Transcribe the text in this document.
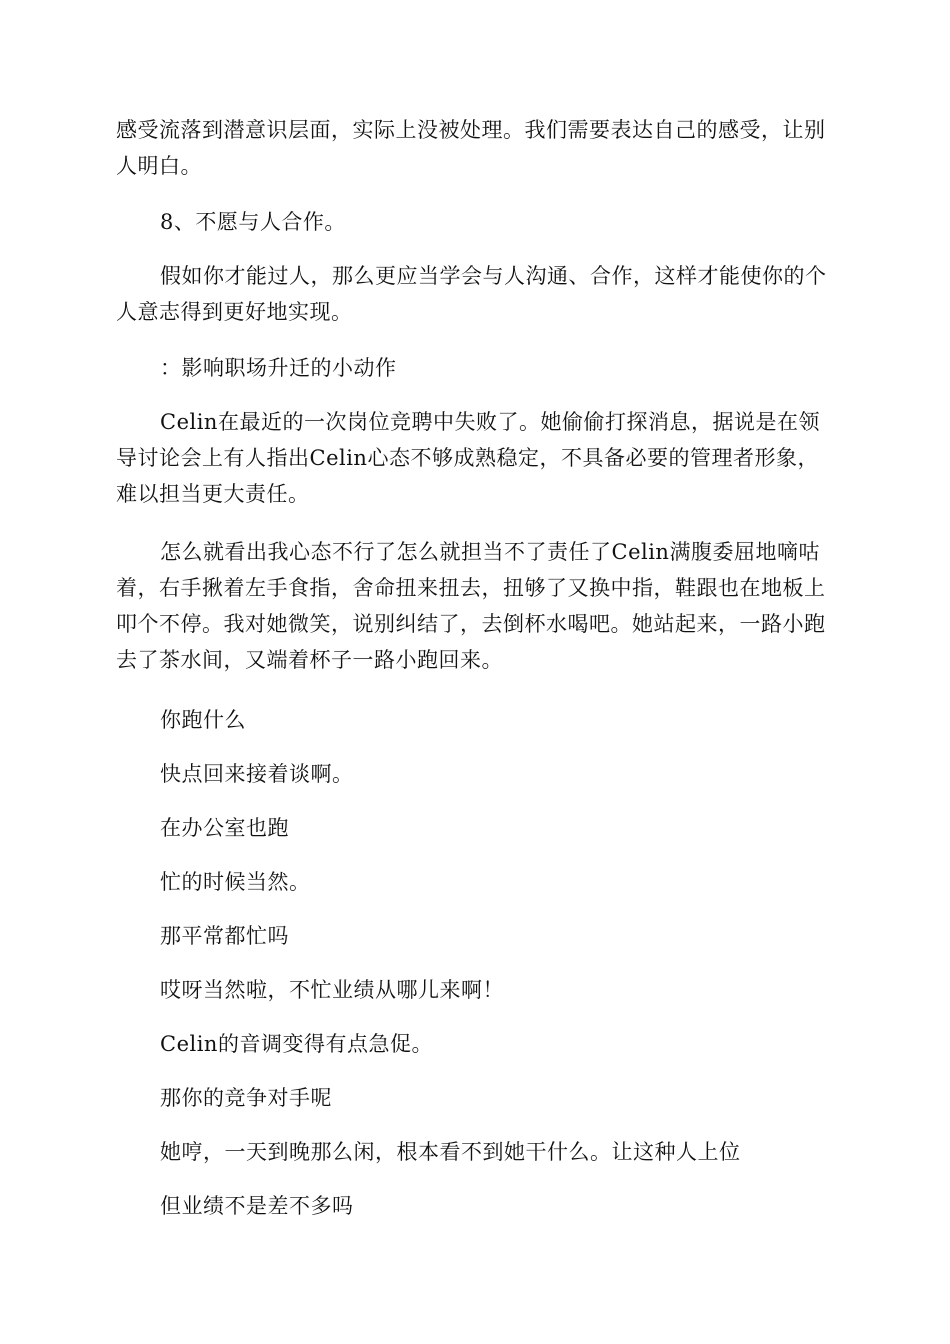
感受流落到潜意识层面，实际上没被处理。我们需要表达自己的感受，让别人明白。

8、不愿与人合作。

假如你才能过人，那么更应当学会与人沟通、合作，这样才能使你的个人意志得到更好地实现。

：影响职场升迁的小动作

Celin在最近的一次岗位竞聘中失败了。她偷偷打探消息，据说是在领导讨论会上有人指出Celin心态不够成熟稳定，不具备必要的管理者形象，难以担当更大责任。

怎么就看出我心态不行了怎么就担当不了责任了Celin满腹委屈地嘀咕着，右手揪着左手食指，舍命扭来扭去，扭够了又换中指，鞋跟也在地板上叩个不停。我对她微笑，说别纠结了，去倒杯水喝吧。她站起来，一路小跑去了茶水间，又端着杯子一路小跑回来。

你跑什么

快点回来接着谈啊。

在办公室也跑

忙的时候当然。

那平常都忙吗

哎呀当然啦，不忙业绩从哪儿来啊！

Celin的音调变得有点急促。

那你的竞争对手呢

她哼，一天到晚那么闲，根本看不到她干什么。让这种人上位

但业绩不是差不多吗
